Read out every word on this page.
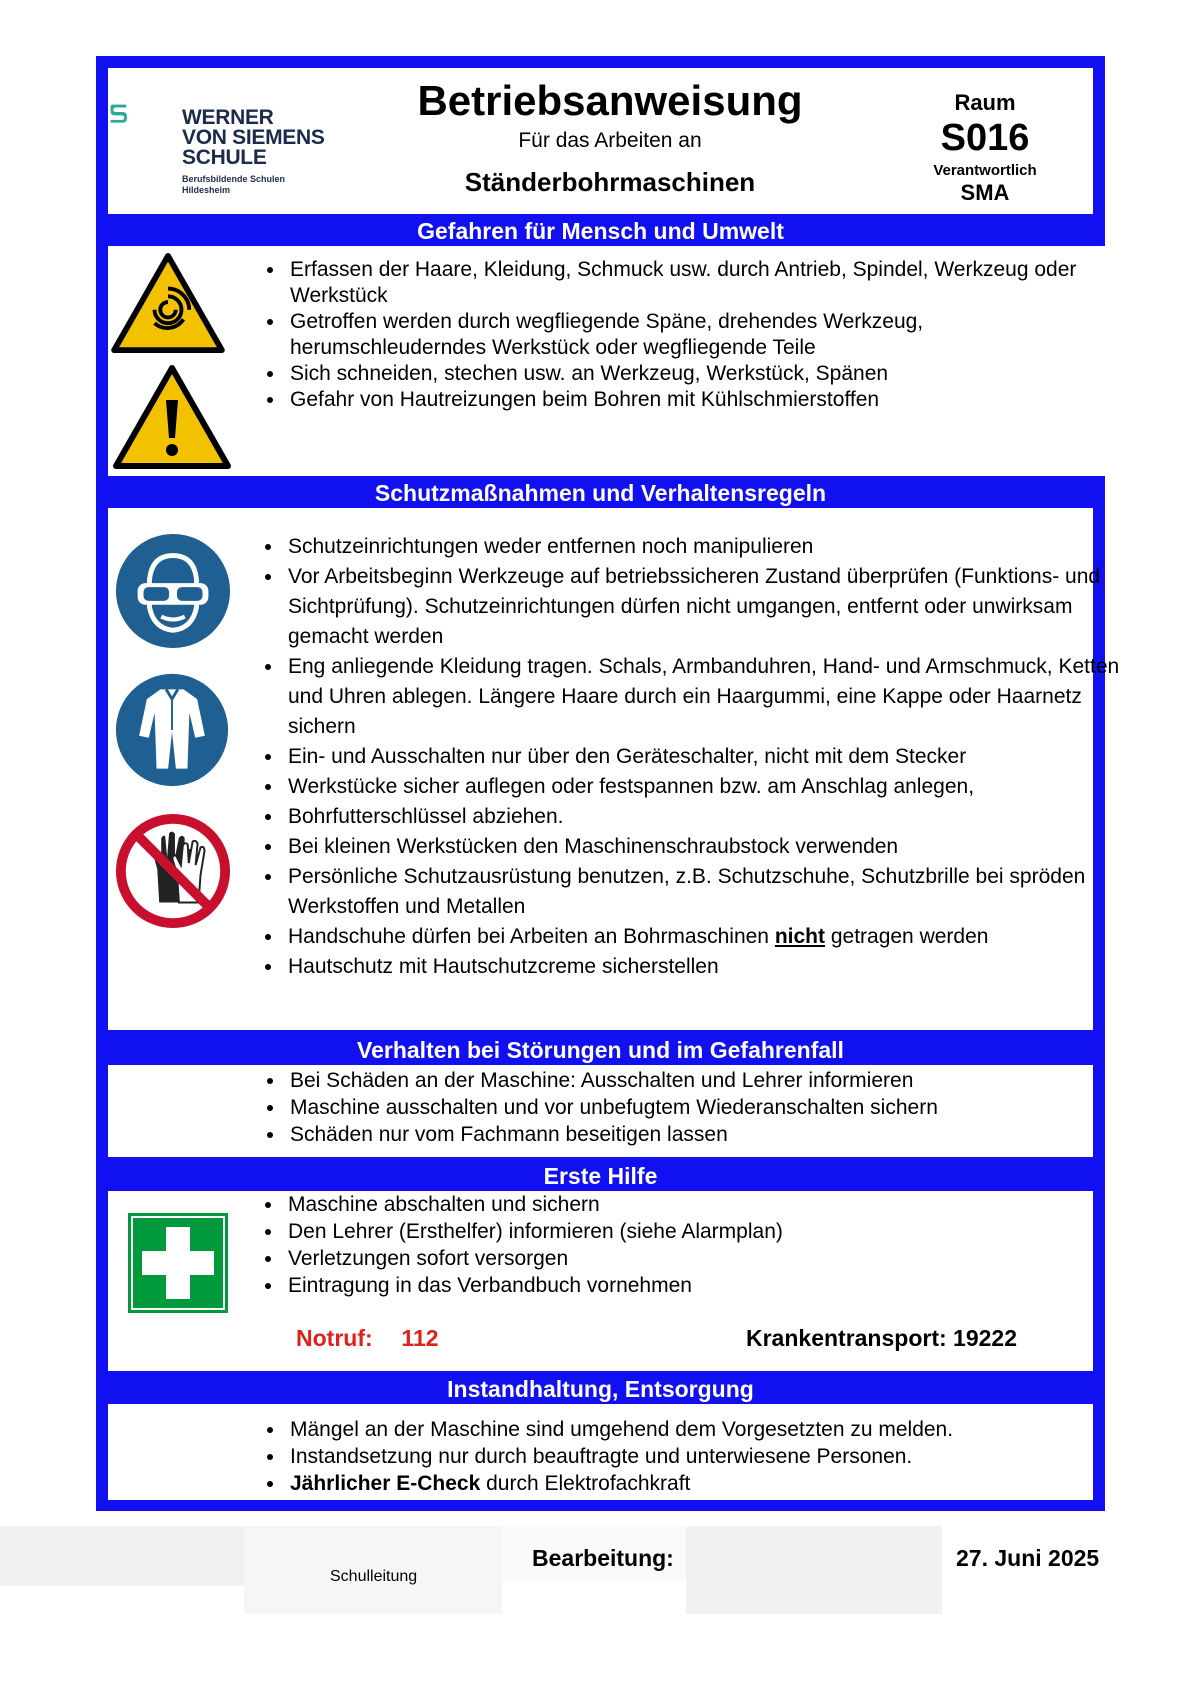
WERNER
VON SIEMENS
SCHULE
Berufsbildende Schulen
Hildesheim
Betriebsanweisung
Für das Arbeiten an
Ständerbohrmaschinen
Raum
S016
Verantwortlich
SMA
Gefahren für Mensch und Umwelt
• Erfassen der Haare, Kleidung, Schmuck usw. durch Antrieb, Spindel, Werkzeug oder Werkstück
• Getroffen werden durch wegfliegende Späne, drehendes Werkzeug, herumschleuderndes Werkstück oder wegfliegende Teile
• Sich schneiden, stechen usw. an Werkzeug, Werkstück, Spänen
• Gefahr von Hautreizungen beim Bohren mit Kühlschmierstoffen
Schutzmaßnahmen und Verhaltensregeln
• Schutzeinrichtungen weder entfernen noch manipulieren
• Vor Arbeitsbeginn Werkzeuge auf betriebssicheren Zustand überprüfen (Funktions- und Sichtprüfung). Schutzeinrichtungen dürfen nicht umgangen, entfernt oder unwirksam gemacht werden
• Eng anliegende Kleidung tragen. Schals, Armbanduhren, Hand- und Armschmuck, Ketten und Uhren ablegen. Längere Haare durch ein Haargummi, eine Kappe oder Haarnetz sichern
• Ein- und Ausschalten nur über den Geräteschalter, nicht mit dem Stecker
• Werkstücke sicher auflegen oder festspannen bzw. am Anschlag anlegen,
• Bohrfutterschlüssel abziehen.
• Bei kleinen Werkstücken den Maschinenschraubstock verwenden
• Persönliche Schutzausrüstung benutzen, z.B. Schutzschuhe, Schutzbrille bei spröden Werkstoffen und Metallen
• Handschuhe dürfen bei Arbeiten an Bohrmaschinen nicht getragen werden
• Hautschutz mit Hautschutzcreme sicherstellen
Verhalten bei Störungen und im Gefahrenfall
• Bei Schäden an der Maschine: Ausschalten und Lehrer informieren
• Maschine ausschalten und vor unbefugtem Wiederanschalten sichern
• Schäden nur vom Fachmann beseitigen lassen
Erste Hilfe
• Maschine abschalten und sichern
• Den Lehrer (Ersthelfer) informieren (siehe Alarmplan)
• Verletzungen sofort versorgen
• Eintragung in das Verbandbuch vornehmen
Notruf: 112	Krankentransport: 19222
Instandhaltung, Entsorgung
• Mängel an der Maschine sind umgehend dem Vorgesetzten zu melden.
• Instandsetzung nur durch beauftragte und unterwiesene Personen.
• Jährlicher E-Check durch Elektrofachkraft
Schulleitung
Bearbeitung:	27. Juni 2025
